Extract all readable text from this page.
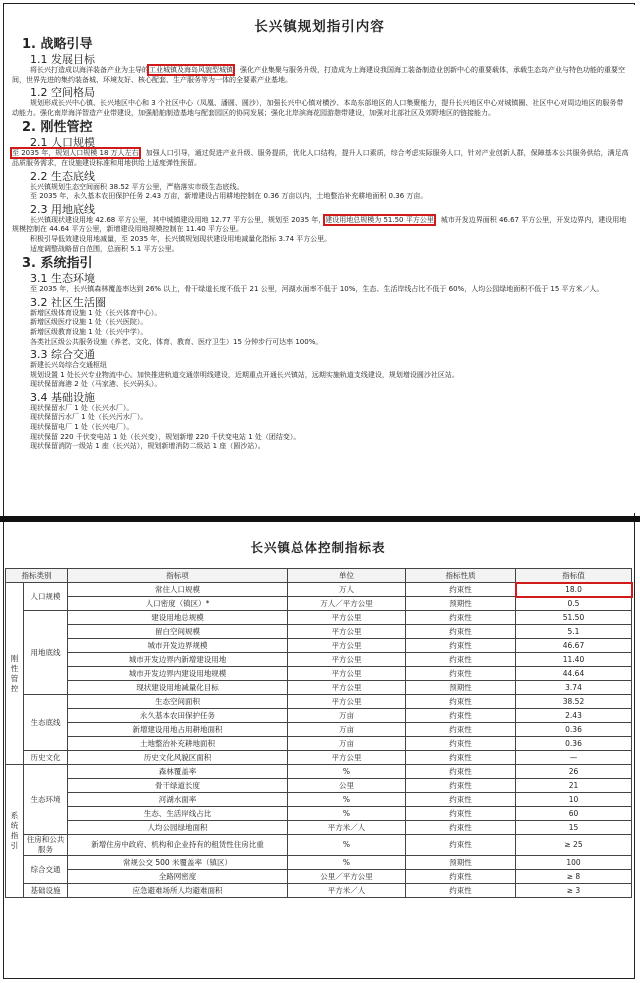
长兴镇规划指引内容
1. 战略引导
1.1 发展目标
将长兴打造成以海洋装备产业为主导的工业城镇及海岛风貌型城镇，强化产业集聚与服务升级，打造成为上海建设我国海工装备制造业创新中心的重要载体，承载生态岛产业与特色功能的重要空间，世界先进的集约装备城、环境友好、核心配套、生产服务等为一体的全要素产业基地。
1.2 空间格局
规划形成长兴中心镇、长兴地区中心和 3 个社区中心（凤凰、潘圆、圆沙），加强长兴中心镇对横沙、本岛东部地区的人口集聚能力，提升长兴地区中心对城镇圈、社区中心对周边地区的服务带动能力。强化南岸海洋智造产业带建设，加强船舶制造基地与配套园区的协同发展；强化北岸滨海花园游憩带建设，加强对北部社区及郊野地区的链接能力。
2. 刚性管控
2.1 人口规模
至 2035 年，规划人口规模 18 万人左右。加强人口引导，通过促进产业升级、服务提质，优化人口结构，提升人口素质，综合考虑实际服务人口，针对产业创新人群，保障基本公共服务供给，满足高品质服务需求，在设施建设标准和用地供给上适度弹性预留。
2.2 生态底线
长兴镇规划生态空间面积 38.52 平方公里，严格落实市级生态底线。
至 2035 年，永久基本农田保护任务 2.43 万亩，新增建设占用耕地控制在 0.36 万亩以内，土地整治补充耕地面积 0.36 万亩。
2.3 用地底线
长兴镇现状建设用地 42.68 平方公里，其中城镇建设用地 12.77 平方公里，规划至 2035 年，建设用地总规模为 51.50 平方公里，城市开发边界面积 46.67 平方公里，开发边界内，建设用地规模控制在 44.64 平方公里，新增建设用地规模控制在 11.40 平方公里。
积极引导低效建设用地减量，至 2035 年，长兴镇规划现状建设用地减量化指标 3.74 平方公里。
适度调整战略留白范围，总面积 5.1 平方公里。
3. 系统指引
3.1 生态环境
至 2035 年，长兴镇森林覆盖率达到 26% 以上，骨干绿道长度不低于 21 公里，河湖水面率不低于 10%，生态、生活岸线占比不低于 60%，人均公园绿地面积不低于 15 平方米／人。
3.2 社区生活圈
新增区级体育设施 1 处（长兴体育中心）。
新增区级医疗设施 1 处（长兴医院）。
新增区级教育设施 1 处（长兴中学）。
各类社区级公共服务设施（养老、文化、体育、教育、医疗卫生）15 分钟步行可达率 100%。
3.3 综合交通
新建长兴岛综合交通枢纽
规划设置 1 处长兴专业物流中心。加快推进轨道交通崇明线建设，近期重点开通长兴镇站，远期实施轨道支线建设，规划增设圆沙社区站。
现状保留海港 2 处（马家港、长兴码头）。
3.4 基础设施
现状保留水厂 1 处（长兴水厂）。
现状保留污水厂 1 处（长兴污水厂）。
现状保留电厂 1 处（长兴电厂）。
现状保留 220 千伏变电站 1 处（长兴变），规划新增 220 千伏变电站 1 处（团结变）。
现状保留消防一级站 1 座（长兴站），规划新增消防二级站 1 座（圆沙站）。
长兴镇总体控制指标表
指标类别		指标项	单位	指标性质	指标值
刚性管控	人口规模	常住人口规模	万人	约束性	18.0
		人口密度（镇区）*	万人／平方公里	预期性	0.5
	用地底线	建设用地总规模	平方公里	约束性	51.50
		留白空间规模	平方公里	约束性	5.1
		城市开发边界规模	平方公里	约束性	46.67
		城市开发边界内新增建设用地	平方公里	约束性	11.40
		城市开发边界内建设用地规模	平方公里	约束性	44.64
		现状建设用地减量化目标	平方公里	预期性	3.74
	生态底线	生态空间面积	平方公里	约束性	38.52
		永久基本农田保护任务	万亩	约束性	2.43
		新增建设用地占用耕地面积	万亩	约束性	0.36
		土地整治补充耕地面积	万亩	约束性	0.36
	历史文化	历史文化风貌区面积	平方公里	约束性	—
系统指引	生态环境	森林覆盖率	%	约束性	26
		骨干绿道长度	公里	约束性	21
		河湖水面率	%	约束性	10
		生态、生活岸线占比	%	约束性	60
		人均公园绿地面积	平方米／人	约束性	15
	住房和公共服务	新增住房中政府、机构和企业持有的租赁性住房比重	%	约束性	≥ 25
	综合交通	常规公交 500 米覆盖率（镇区）	%	预期性	100
		全路网密度	公里／平方公里	约束性	≥ 8
	基础设施	应急避难场所人均避难面积	平方米／人	约束性	≥ 3
